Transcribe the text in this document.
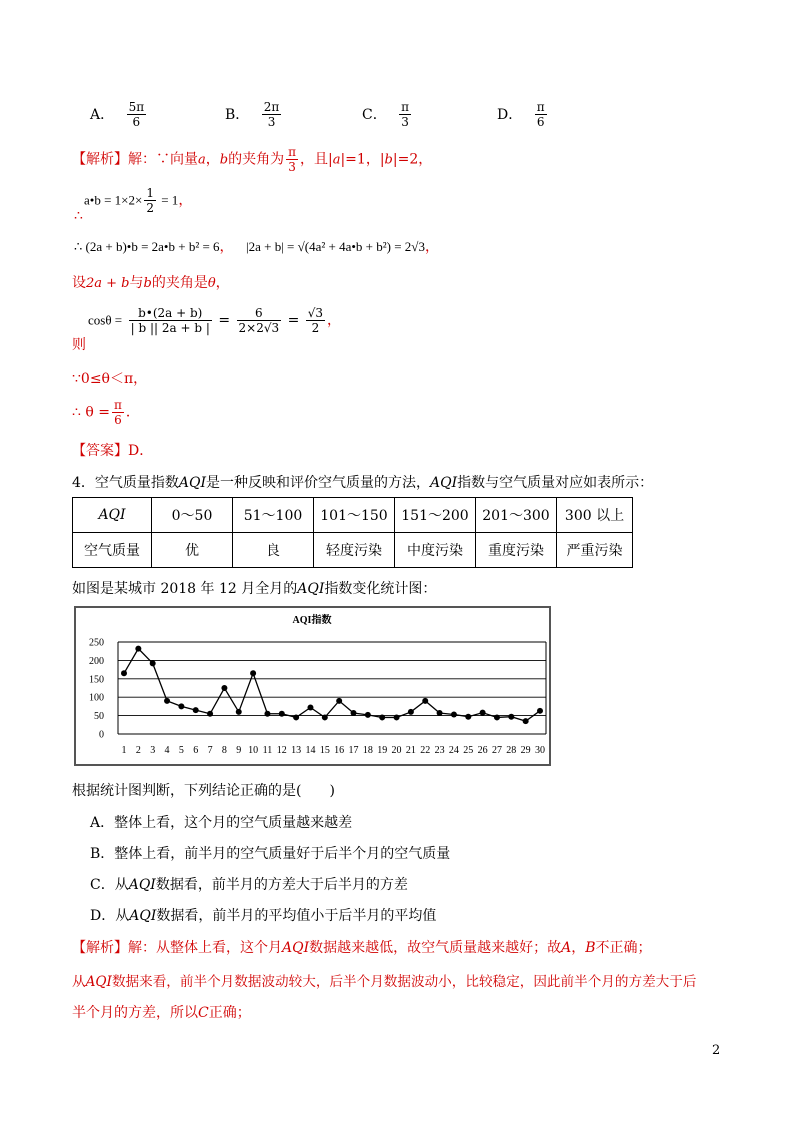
A． $\frac{5\pi}{6}$	B． $\frac{2\pi}{3}$	C． $\frac{\pi}{3}$	D． $\frac{\pi}{6}$
【解析】解：∵向量a，b的夹角为 $\frac{\pi}{3}$ ，且|a|=1，|b|=2，
a•b = $1\times 2\times \frac{1}{2} = 1$，
∴
∴ (2a + b)•b = 2a•b + b² = 6， |2a + b| = √(4a² + 4a•b + b²) = 2√3，
设2a + b与b的夹角是θ，
$\cos\theta = \frac{b•(2a + b)}{| b || 2a + b |} = \frac{6}{2\times 2√3} = \frac{√3}{2}$ ，
则
∵0≤θ＜π，
∴ $\theta = \frac{\pi}{6}$ ．
【答案】D．
4．空气质量指数AQI是一种反映和评价空气质量的方法，AQI指数与空气质量对应如表所示：
AQI	0～50	51～100	101～150	151～200	201～300	300 以上
空气质量	优	良	轻度污染	中度污染	重度污染	严重污染
如图是某城市 2018 年 12 月全月的AQI指数变化统计图：
AQI指数
0
50
100
150
200
250
1 2 3 4 5 6 7 8 9 10 11 12 13 14 15 16 17 18 19 20 21 22 23 24 25 26 27 28 29 30
根据统计图判断，下列结论正确的是(　　)
A．整体上看，这个月的空气质量越来越差
B．整体上看，前半月的空气质量好于后半个月的空气质量
C．从AQI数据看，前半月的方差大于后半月的方差
D．从AQI数据看，前半月的平均值小于后半月的平均值
【解析】解：从整体上看，这个月AQI数据越来越低，故空气质量越来越好；故A，B不正确；
从AQI数据来看，前半个月数据波动较大，后半个月数据波动小，比较稳定，因此前半个月的方差大于后
半个月的方差，所以C正确；
2
